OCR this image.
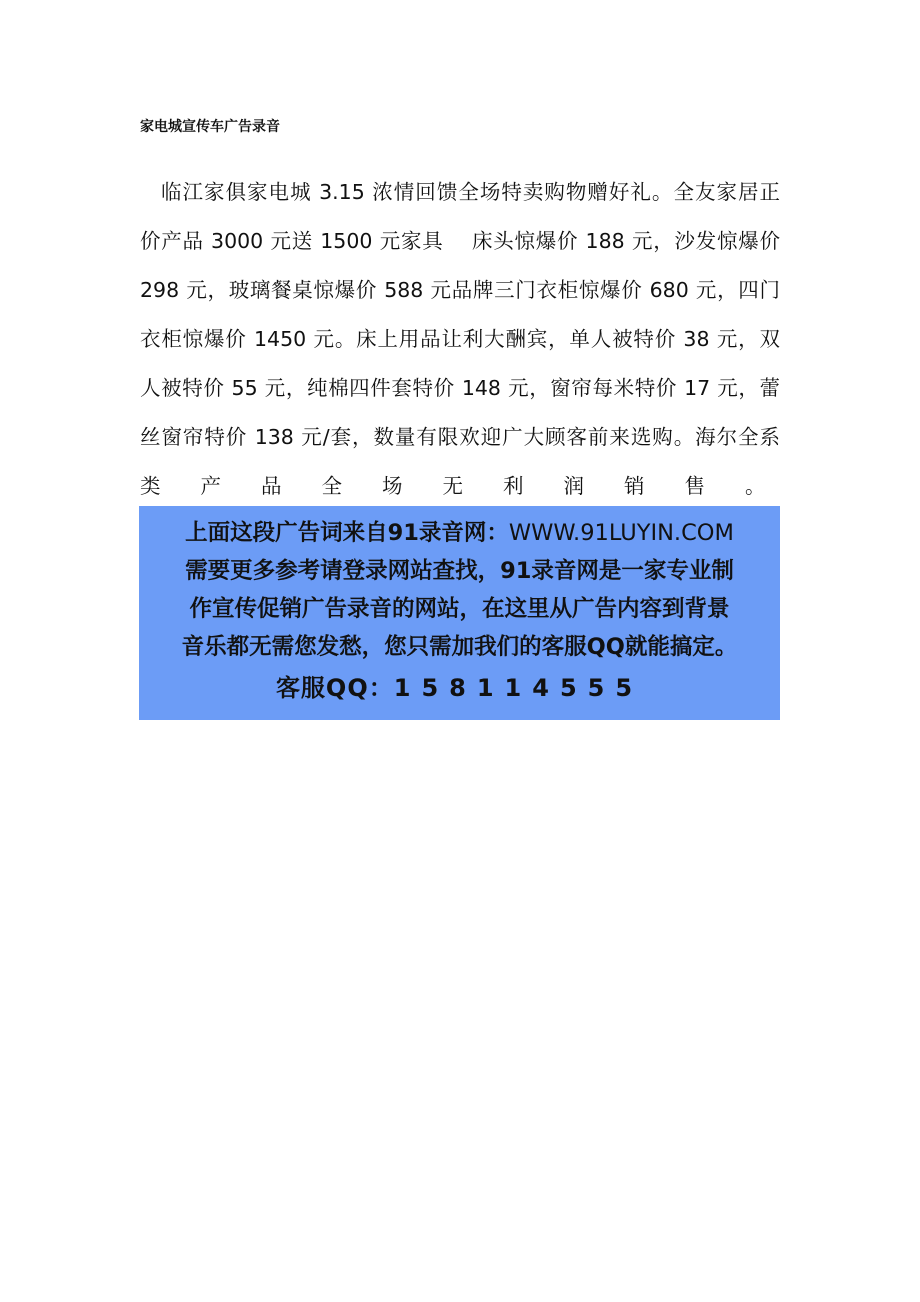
家电城宣传车广告录音
临江家俱家电城 3.15 浓情回馈全场特卖购物赠好礼。全友家居正
价产品 3000 元送 1500 元家具　 床头惊爆价 188 元，沙发惊爆价
298 元，玻璃餐桌惊爆价 588 元品牌三门衣柜惊爆价 680 元，四门
衣柜惊爆价 1450 元。床上用品让利大酬宾，单人被特价 38 元，双
人被特价 55 元，纯棉四件套特价 148 元，窗帘每米特价 17 元，蕾
丝窗帘特价 138 元/套，数量有限欢迎广大顾客前来选购。海尔全系
类产品全场无利润销售。
上面这段广告词来自91录音网：WWW.91LUYIN.COM
需要更多参考请登录网站查找，91录音网是一家专业制
作宣传促销广告录音的网站，在这里从广告内容到背景
音乐都无需您发愁，您只需加我们的客服QQ就能搞定。
客服QQ：158114555
